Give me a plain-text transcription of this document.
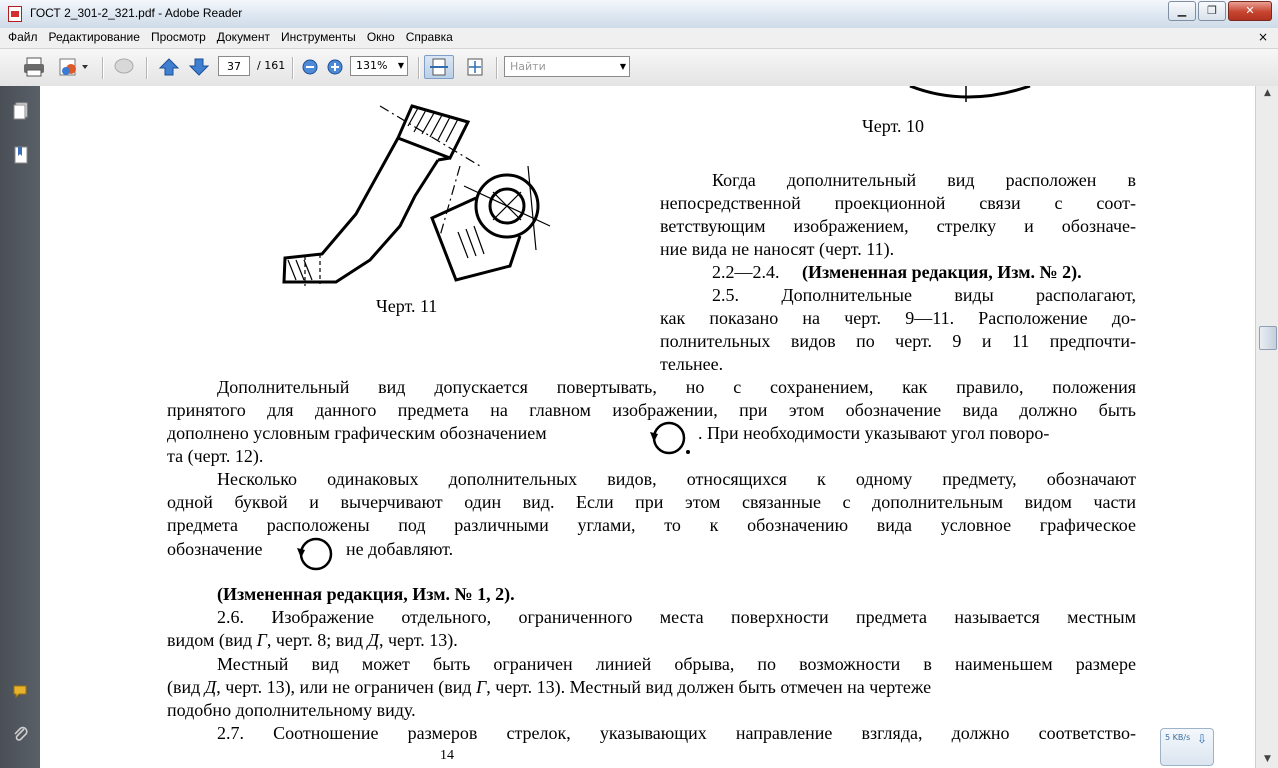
ГОСТ 2_301-2_321.pdf - Adobe Reader	▁	❐	✕
Файл Редактирование Просмотр Документ Инструменты Окно Справка	×
37	/ 161	131% ▼	Найти	▼
Черт. 10
Черт. 11
Когда дополнительный вид расположен в
непосредственной проекционной связи с соот-
ветствующим изображением, стрелку и обозначе-
ние вида не наносят (черт. 11).
2.2—2.4. (Измененная редакция, Изм. № 2).
2.5. Дополнительные виды располагают,
как показано на черт. 9—11. Расположение до-
полнительных видов по черт. 9 и 11 предпочти-
тельнее.
Дополнительный вид допускается повертывать, но с сохранением, как правило, положения
принятого для данного предмета на главном изображении, при этом обозначение вида должно быть
дополнено условным графическим обозначением	. При необходимости указывают угол поворо-
та (черт. 12).
Несколько одинаковых дополнительных видов, относящихся к одному предмету, обозначают
одной буквой и вычерчивают один вид. Если при этом связанные с дополнительным видом части
предмета расположены под различными углами, то к обозначению вида условное графическое
обозначение	не добавляют.
(Измененная редакция, Изм. № 1, 2).
2.6. Изображение отдельного, ограниченного места поверхности предмета называется местным
видом (вид Г, черт. 8; вид Д, черт. 13).
Местный вид может быть ограничен линией обрыва, по возможности в наименьшем размере
(вид Д, черт. 13), или не ограничен (вид Г, черт. 13). Местный вид должен быть отмечен на чертеже
подобно дополнительному виду.
2.7. Соотношение размеров стрелок, указывающих направление взгляда, должно соответство-
14
▲
▼
5 KB/s ⇩
